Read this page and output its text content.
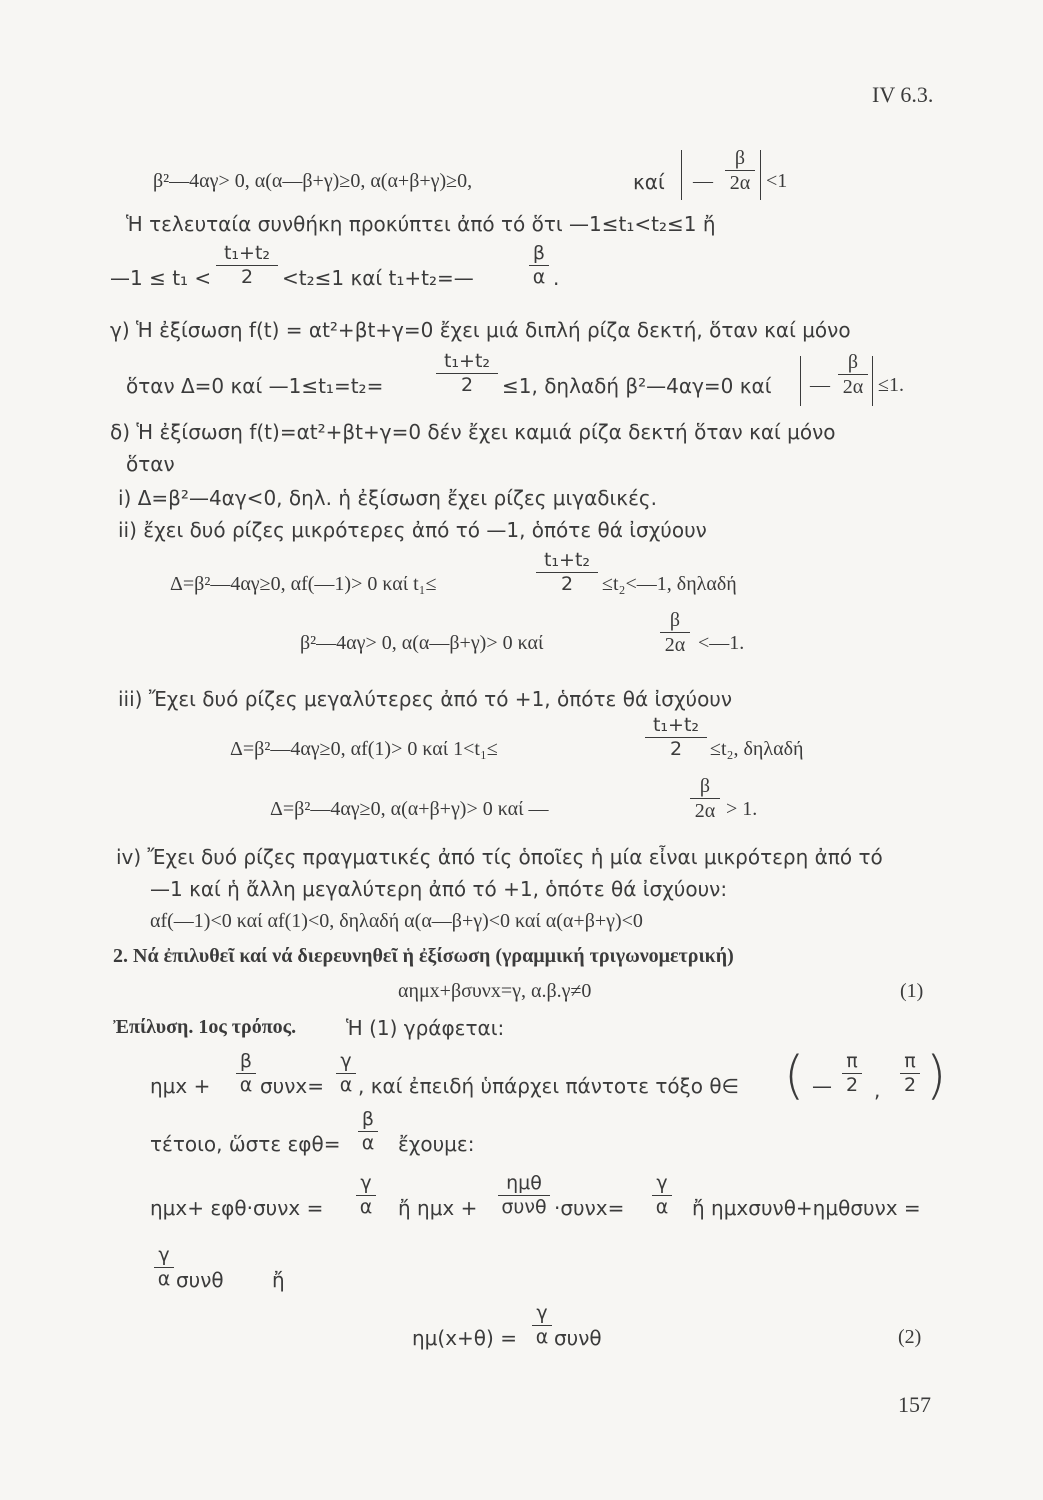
IV 6.3.
β²—4αγ> 0, α(α—β+γ)≥0, α(α+β+γ)≥0,	καί —
β
2α <1
Ἡ τελευταία συνθήκη προκύπτει ἀπό τό ὅτι —1≤t₁<t₂≤1 ἤ
—1 ≤ t₁ <
t₁+t₂
2	<t₂≤1 καί t₁+t₂=—
β
α .
γ) Ἡ ἐξίσωση f(t) = αt²+βt+γ=0 ἔχει μιά διπλή ρίζα δεκτή, ὅταν καί μόνο
ὅταν Δ=0 καί —1≤t₁=t₂=
t₁+t₂
2	≤1, δηλαδή β²—4αγ=0 καί —
β
2α ≤1.
δ) Ἡ ἐξίσωση f(t)=αt²+βt+γ=0 δέν ἔχει καμιά ρίζα δεκτή ὅταν καί μόνο
ὅταν
i) Δ=β²—4αγ<0, δηλ. ἡ ἐξίσωση ἔχει ρίζες μιγαδικές.
ii) ἔχει δυό ρίζες μικρότερες ἀπό τό —1, ὁπότε θά ἰσχύουν
Δ=β²—4αγ≥0, αf(—1)> 0 καί t₁≤
t₁+t₂
2	≤t₂<—1, δηλαδή
β²—4αγ> 0, α(α—β+γ)> 0 καί
β
2α <—1.
iii) Ἔχει δυό ρίζες μεγαλύτερες ἀπό τό +1, ὁπότε θά ἰσχύουν
Δ=β²—4αγ≥0, αf(1)> 0 καί 1<t₁≤
t₁+t₂
2	≤t₂, δηλαδή
Δ=β²—4αγ≥0, α(α+β+γ)> 0 καί —
β
2α > 1.
iv) Ἔχει δυό ρίζες πραγματικές ἀπό τίς ὁποῖες ἡ μία εἶναι μικρότερη ἀπό τό
—1 καί ἡ ἄλλη μεγαλύτερη ἀπό τό +1, ὁπότε θά ἰσχύουν:
αf(—1)<0 καί αf(1)<0, δηλαδή α(α—β+γ)<0 καί α(α+β+γ)<0
2. Νά ἐπιλυθεῖ καί νά διερευνηθεῖ ἡ ἐξίσωση (γραμμική τριγωνομετρική)
αημx+βσυνx=γ, α.β.γ≠0	(1)
Ἐπίλυση. 1ος τρόπος. Ἡ (1) γράφεται:
ημx +
β
α συνx=
γ
α , καί ἐπειδή ὑπάρχει πάντοτε τόξο θ∈ ( —
π
2 ,
π
2 )
τέτοιο, ὥστε εφθ=
β
α ἔχουμε:
ημx+ εφθ·συνx =
γ
α ἤ ημx +
ημθ
συνθ ·συνx=
γ
α ἤ ημxσυνθ+ημθσυνx =
γ
α συνθ ἤ
ημ(x+θ) =
γ
α συνθ	(2)
157
